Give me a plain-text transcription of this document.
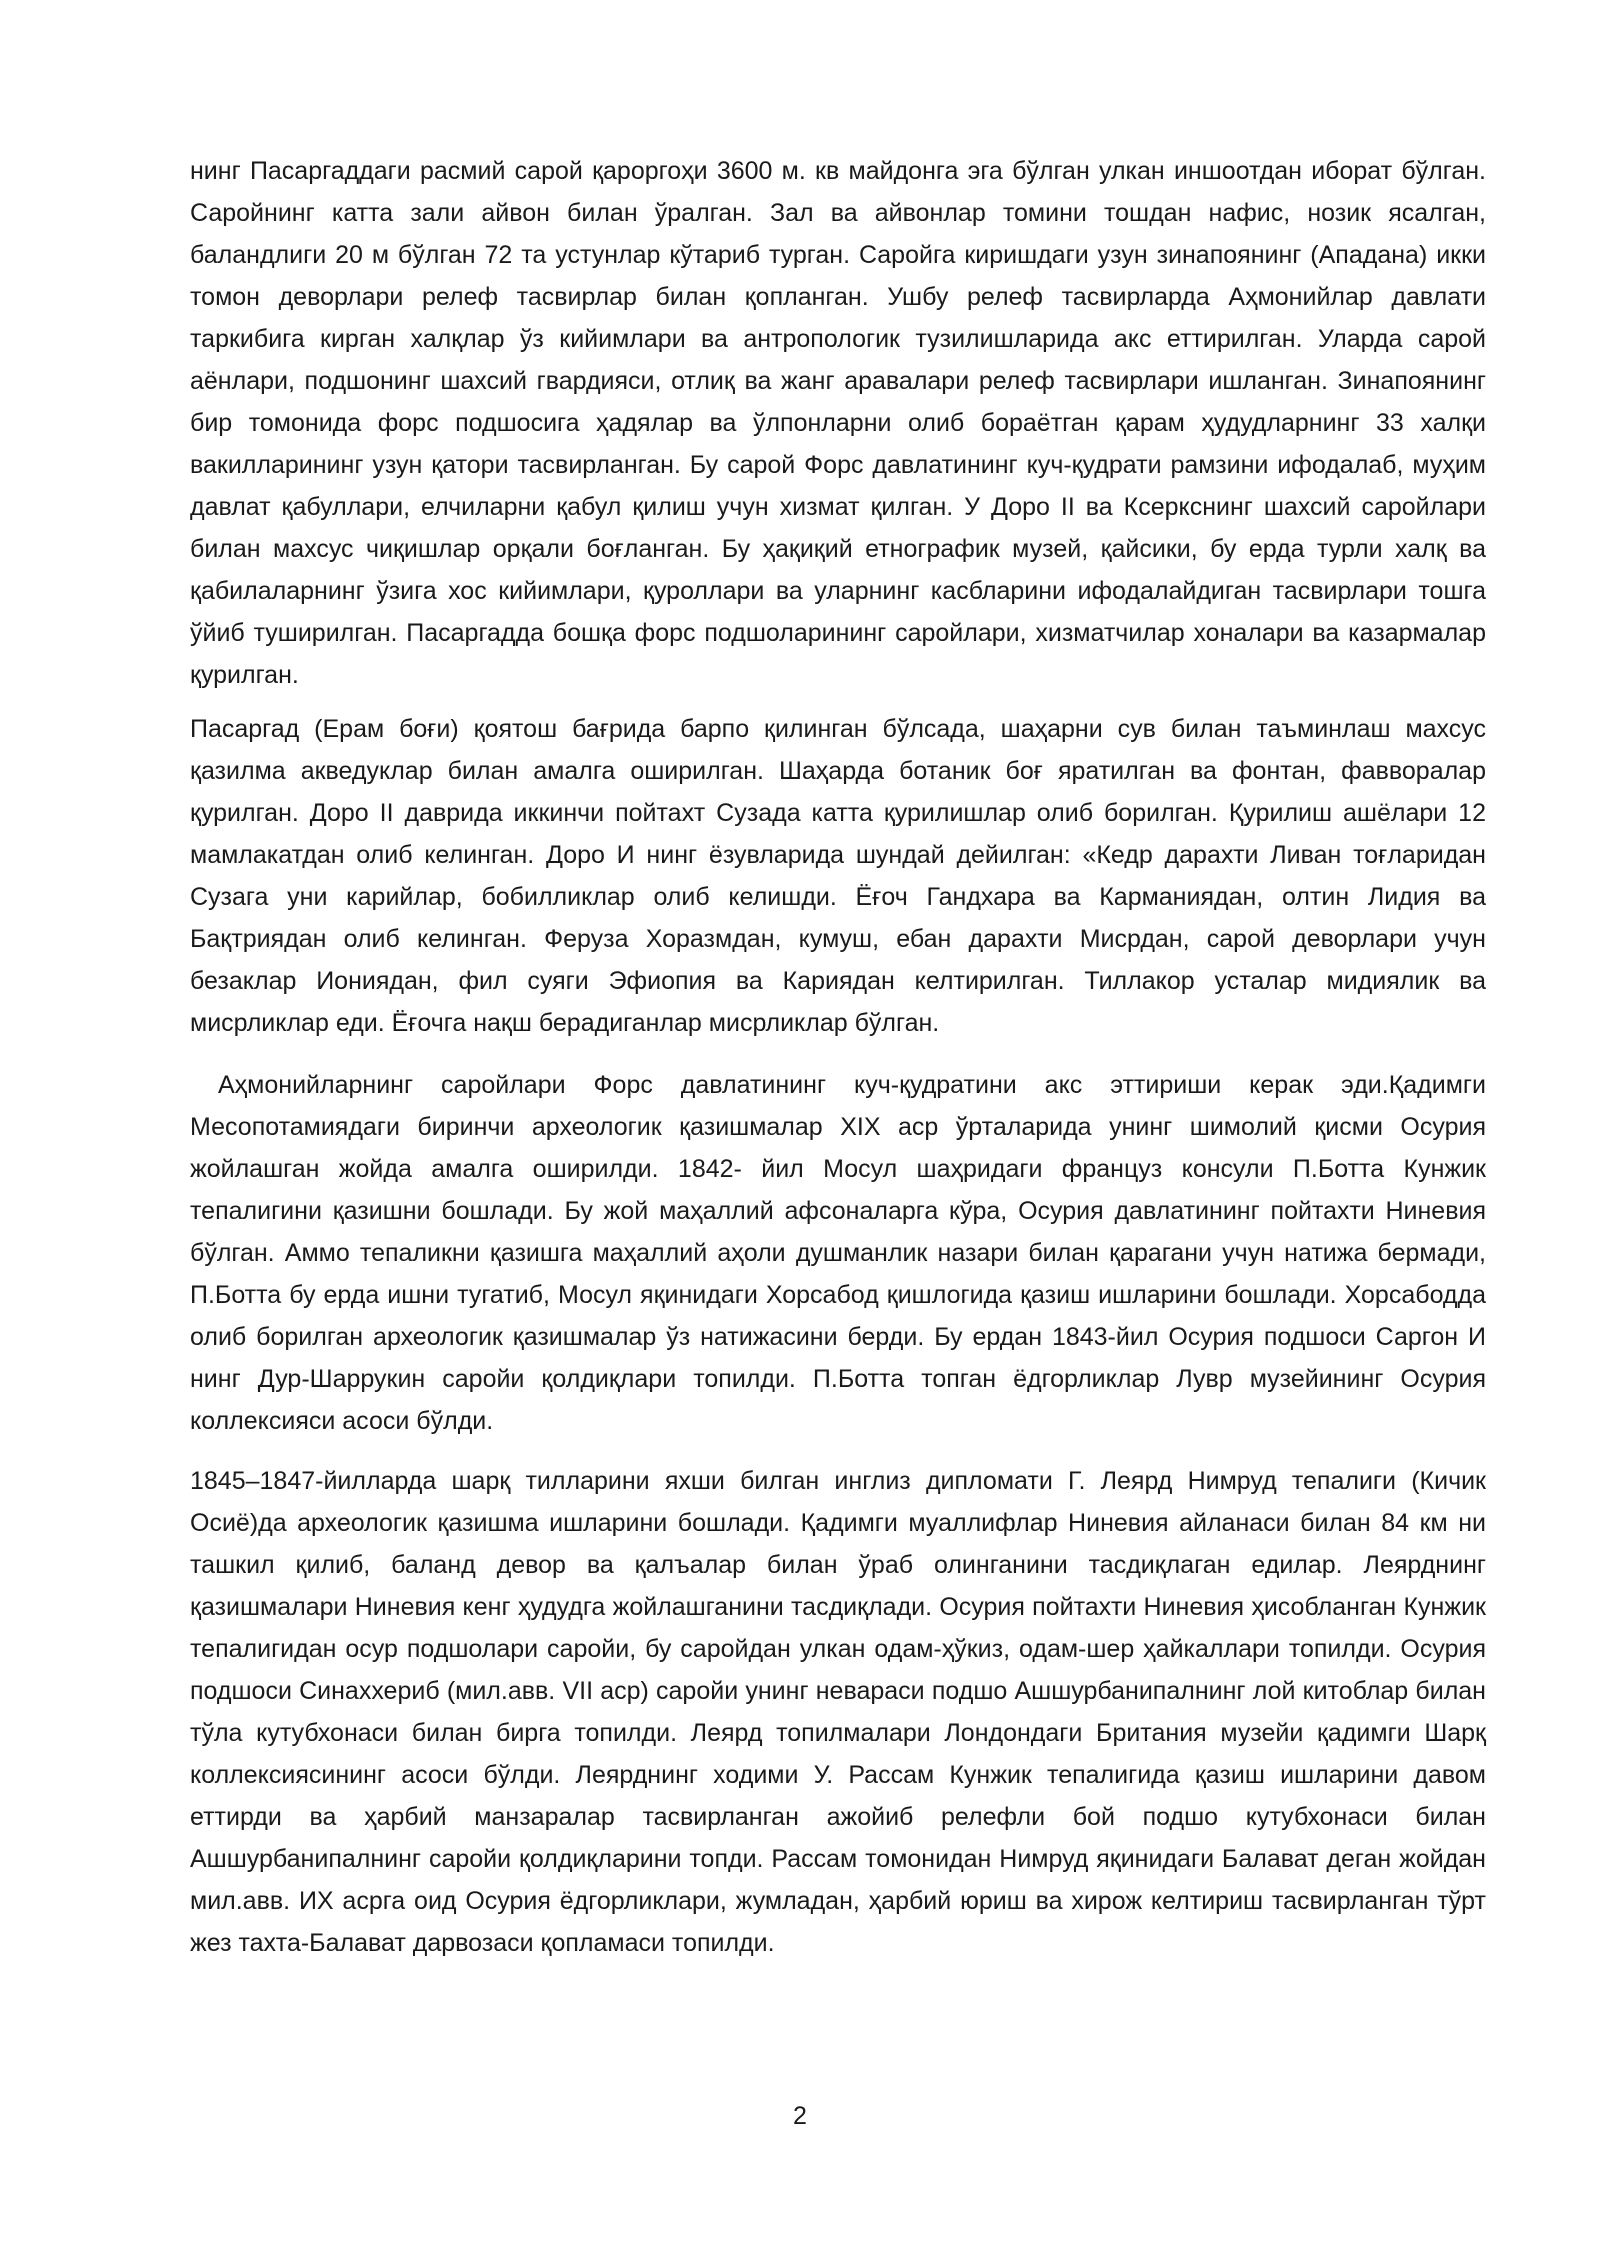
нинг Пасаргаддаги расмий сарой қароргоҳи 3600 м. кв майдонга эга бўлган улкан иншоотдан иборат бўлган. Саройнинг катта зали айвон билан ўралган. Зал ва айвонлар томини тошдан нафис, нозик ясалган, баландлиги 20 м бўлган 72 та устунлар кўтариб турган. Саройга киришдаги узун зинапоянинг (Ападана) икки томон деворлари релеф тасвирлар билан қопланган. Ушбу релеф тасвирларда Аҳмонийлар давлати таркибига кирган халқлар ўз кийимлари ва антропологик тузилишларида акс еттирилган. Уларда сарой аёнлари, подшонинг шахсий гвардияси, отлиқ ва жанг аравалари релеф тасвирлари ишланган. Зинапоянинг бир томонида форс подшосига ҳадялар ва ўлпонларни олиб бораётган қарам ҳудудларнинг 33 халқи вакилларининг узун қатори тасвирланган. Бу сарой Форс давлатининг куч-қудрати рамзини ифодалаб, муҳим давлат қабуллари, елчиларни қабул қилиш учун хизмат қилган. У Доро II ва Ксеркснинг шахсий саройлари билан махсус чиқишлар орқали боғланган. Бу ҳақиқий етнографик музей, қайсики, бу ерда турли халқ ва қабилаларнинг ўзига хос кийимлари, қуроллари ва уларнинг касбларини ифодалайдиган тасвирлари тошга ўйиб туширилган. Пасаргадда бошқа форс подшоларининг саройлари, хизматчилар хоналари ва казармалар қурилган.

Пасаргад (Ерам боғи) қоятош бағрида барпо қилинган бўлсада, шаҳарни сув билан таъминлаш махсус қазилма акведуклар билан амалга оширилган. Шаҳарда ботаник боғ яратилган ва фонтан, фавворалар қурилган. Доро II даврида иккинчи пойтахт Сузада катта қурилишлар олиб борилган. Қурилиш ашёлари 12 мамлакатдан олиб келинган. Доро И нинг ёзувларида шундай дейилган: «Кедр дарахти Ливан тоғларидан Сузага уни карийлар, бобилликлар олиб келишди. Ёғоч Гандхара ва Карманиядан, олтин Лидия ва Бақтриядан олиб келинган. Феруза Хоразмдан, кумуш, ебан дарахти Мисрдан, сарой деворлари учун безаклар Иониядан, фил суяги Эфиопия ва Кариядан келтирилган. Тиллакор усталар мидиялик ва мисрликлар еди. Ёғочга нақш берадиганлар мисрликлар бўлган.

Аҳмонийларнинг саройлари Форс давлатининг куч-қудратини акс эттириши керак эди.Қадимги Месопотамиядаги биринчи археологик қазишмалар XIX аср ўрталарида унинг шимолий қисми Осурия жойлашган жойда амалга оширилди. 1842- йил Мосул шаҳридаги француз консули П.Ботта Кунжик тепалигини қазишни бошлади. Бу жой маҳаллий афсоналарга кўра, Осурия давлатининг пойтахти Ниневия бўлган. Аммо тепаликни қазишга маҳаллий аҳоли душманлик назари билан қарагани учун натижа бермади, П.Ботта бу ерда ишни тугатиб, Мосул яқинидаги Хорсабод қишлогида қазиш ишларини бошлади. Хорсабодда олиб борилган археологик қазишмалар ўз натижасини берди. Бу ердан 1843-йил Осурия подшоси Саргон И нинг Дур-Шаррукин саройи қолдиқлари топилди. П.Ботта топган ёдгорликлар Лувр музейининг Осурия коллексияси асоси бўлди.

1845–1847-йилларда шарқ тилларини яхши билган инглиз дипломати Г. Леярд Нимруд тепалиги (Кичик Осиё)да археологик қазишма ишларини бошлади. Қадимги муаллифлар Ниневия айланаси билан 84 км ни ташкил қилиб, баланд девор ва қалъалар билан ўраб олинганини тасдиқлаган едилар. Леярднинг қазишмалари Ниневия кенг ҳудудга жойлашганини тасдиқлади. Осурия пойтахти Ниневия ҳисобланган Кунжик тепалигидан осур подшолари саройи, бу саройдан улкан одам-ҳўкиз, одам-шер ҳайкаллари топилди. Осурия подшоси Синаххериб (мил.авв. VII аср) саройи унинг невараси подшо Ашшурбанипалнинг лой китоблар билан тўла кутубхонаси билан бирга топилди. Леярд топилмалари Лондондаги Британия музейи қадимги Шарқ коллексиясининг асоси бўлди. Леярднинг ходими У. Рассам Кунжик тепалигида қазиш ишларини давом еттирди ва ҳарбий манзаралар тасвирланган ажойиб релефли бой подшо кутубхонаси билан Ашшурбанипалнинг саройи қолдиқларини топди. Рассам томонидан Нимруд яқинидаги Балават деган жойдан мил.авв. ИХ асрга оид Осурия ёдгорликлари, жумладан, ҳарбий юриш ва хирож келтириш тасвирланган тўрт жез тахта-Балават дарвозаси қопламаси топилди.

2
